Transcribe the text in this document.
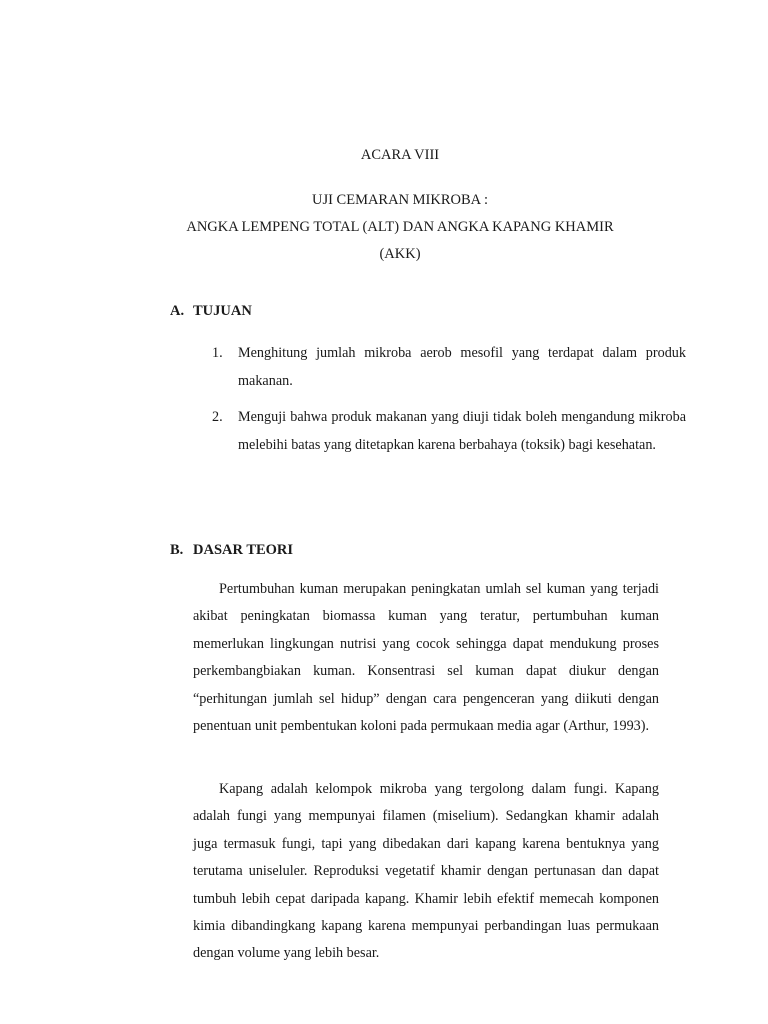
ACARA VIII
UJI CEMARAN MIKROBA :
ANGKA LEMPENG TOTAL (ALT) DAN ANGKA KAPANG KHAMIR
(AKK)
A. TUJUAN
1. Menghitung jumlah mikroba aerob mesofil yang terdapat dalam produk makanan.
2. Menguji bahwa produk makanan yang diuji tidak boleh mengandung mikroba melebihi batas yang ditetapkan karena berbahaya (toksik) bagi kesehatan.
B. DASAR TEORI

Pertumbuhan kuman merupakan peningkatan umlah sel kuman yang terjadi akibat peningkatan biomassa kuman yang teratur, pertumbuhan kuman memerlukan lingkungan nutrisi yang cocok sehingga dapat mendukung proses perkembangbiakan kuman. Konsentrasi sel kuman dapat diukur dengan “perhitungan jumlah sel hidup” dengan cara pengenceran yang diikuti dengan penentuan unit pembentukan koloni pada permukaan media agar (Arthur, 1993).

Kapang adalah kelompok mikroba yang tergolong dalam fungi. Kapang adalah fungi yang mempunyai filamen (miselium). Sedangkan khamir adalah juga termasuk fungi, tapi yang dibedakan dari kapang karena bentuknya yang terutama uniseluler. Reproduksi vegetatif khamir dengan pertunasan dan dapat tumbuh lebih cepat daripada kapang. Khamir lebih efektif memecah komponen kimia dibandingkang kapang karena mempunyai perbandingan luas permukaan dengan volume yang lebih besar.
